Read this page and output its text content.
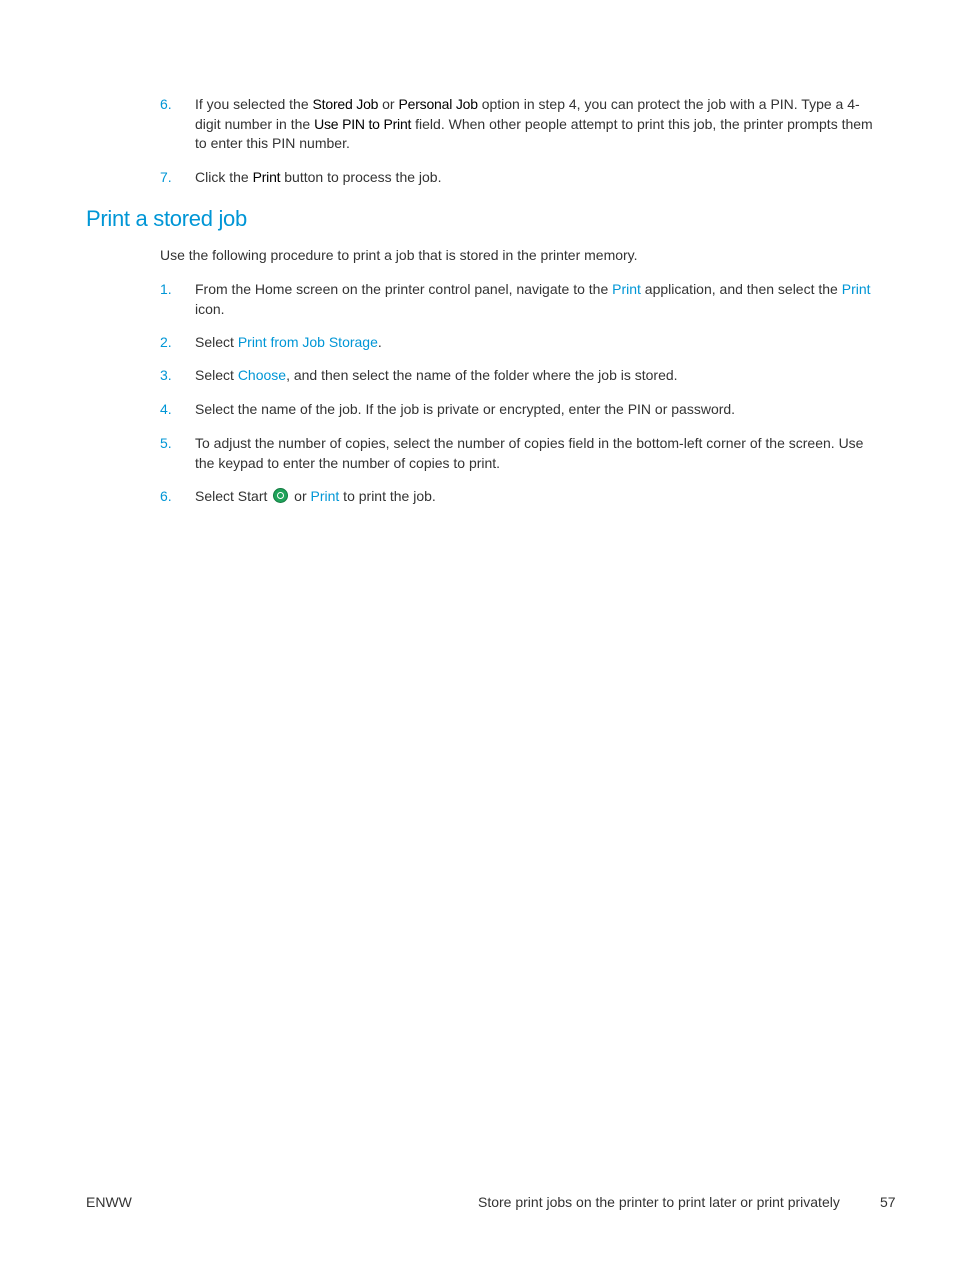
6.	If you selected the Stored Job or Personal Job option in step 4, you can protect the job with a PIN. Type a 4-digit number in the Use PIN to Print field. When other people attempt to print this job, the printer prompts them to enter this PIN number.
7.	Click the Print button to process the job.
Print a stored job
Use the following procedure to print a job that is stored in the printer memory.
1.	From the Home screen on the printer control panel, navigate to the Print application, and then select the Print icon.
2.	Select Print from Job Storage.
3.	Select Choose, and then select the name of the folder where the job is stored.
4.	Select the name of the job. If the job is private or encrypted, enter the PIN or password.
5.	To adjust the number of copies, select the number of copies field in the bottom-left corner of the screen. Use the keypad to enter the number of copies to print.
6.	Select Start  or Print to print the job.
ENWW	Store print jobs on the printer to print later or print privately	57
